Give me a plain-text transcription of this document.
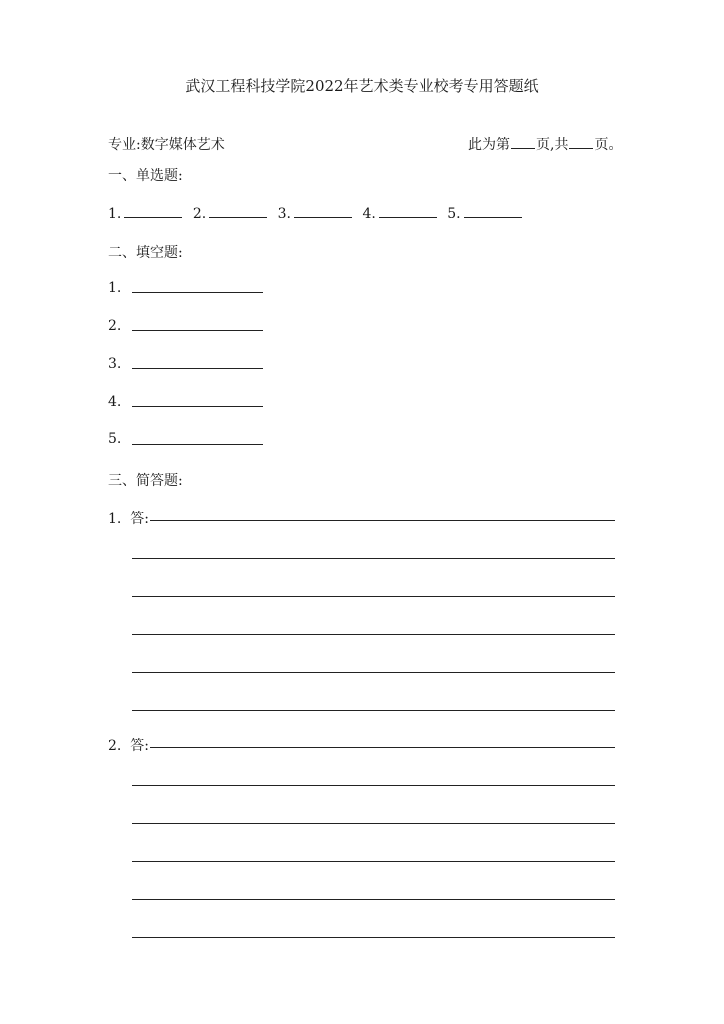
武汉工程科技学院2022年艺术类专业校考专用答题纸
专业:数字媒体艺术	此为第 页,共 页。
一、单选题:
1.	2.	3.	4.	5.
二、填空题:
1.
2.
3.
4.
5.
三、简答题:
1. 答:
2. 答:
